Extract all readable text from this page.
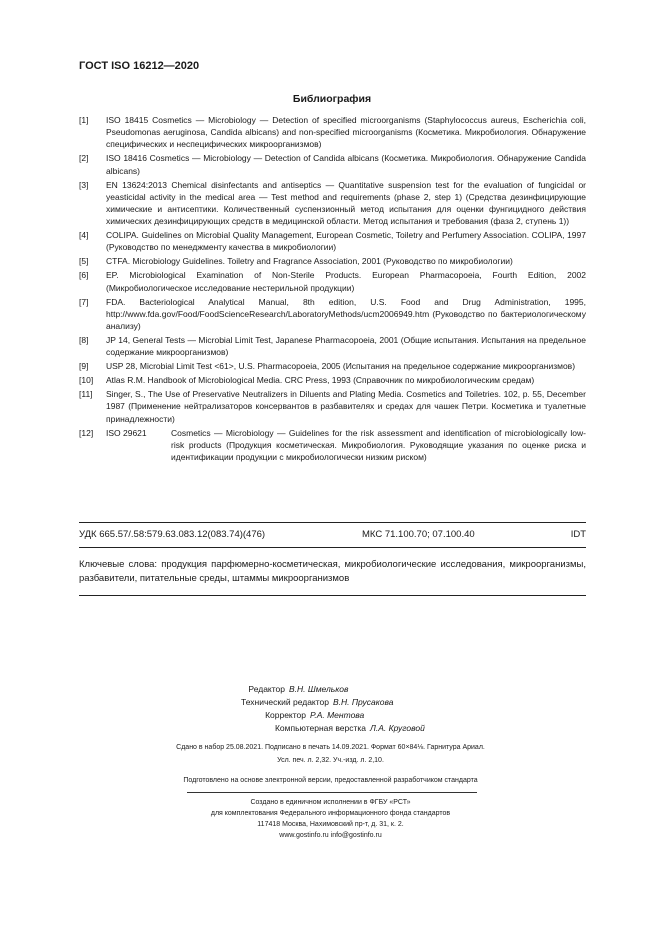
ГОСТ ISO 16212—2020
Библиография
[1]	ISO 18415 Cosmetics — Microbiology — Detection of specified microorganisms (Staphylococcus aureus, Escherichia coli, Pseudomonas aeruginosa, Candida albicans) and non-specified microorganisms (Косметика. Микробиология. Обнаружение специфических и неспецифических микроорганизмов)
[2]	ISO 18416 Cosmetics — Microbiology — Detection of Candida albicans (Косметика. Микробиология. Обнаружение Candida albicans)
[3]	EN 13624:2013 Chemical disinfectants and antiseptics — Quantitative suspension test for the evaluation of fungicidal or yeasticidal activity in the medical area — Test method and requirements (phase 2, step 1) (Средства дезинфицирующие химические и антисептики. Количественный суспензионный метод испытания для оценки фунгицидного действия химических дезинфицирующих средств в медицинской области. Метод испытания и требования (фаза 2, ступень 1))
[4]	COLIPA. Guidelines on Microbial Quality Management, European Cosmetic, Toiletry and Perfumery Association. COLIPA, 1997 (Руководство по менеджменту качества в микробиологии)
[5]	CTFA. Microbiology Guidelines. Toiletry and Fragrance Association, 2001 (Руководство по микробиологии)
[6]	EP. Microbiological Examination of Non-Sterile Products. European Pharmacopoeia, Fourth Edition, 2002 (Микробиологическое исследование нестерильной продукции)
[7]	FDA. Bacteriological Analytical Manual, 8th edition, U.S. Food and Drug Administration, 1995, http://www.fda.gov/Food/FoodScienceResearch/LaboratoryMethods/ucm2006949.htm (Руководство по бактериологическому анализу)
[8]	JP 14, General Tests — Microbial Limit Test, Japanese Pharmacopoeia, 2001 (Общие испытания. Испытания на предельное содержание микроорганизмов)
[9]	USP 28, Microbial Limit Test <61>, U.S. Pharmacopoeia, 2005 (Испытания на предельное содержание микроорганизмов)
[10]	Atlas R.M. Handbook of Microbiological Media. CRC Press, 1993 (Справочник по микробиологическим средам)
[11]	Singer, S., The Use of Preservative Neutralizers in Diluents and Plating Media. Cosmetics and Toiletries. 102, p. 55, December 1987 (Применение нейтрализаторов консервантов в разбавителях и средах для чашек Петри. Косметика и туалетные принадлежности)
[12]	ISO 29621	Cosmetics — Microbiology — Guidelines for the risk assessment and identification of microbiologically low-risk products (Продукция косметическая. Микробиология. Руководящие указания по оценке риска и идентификации продукции с микробиологически низким риском)
УДК 665.57/.58:579.63.083.12(083.74)(476)	МКС 71.100.70; 07.100.40	IDT
Ключевые слова: продукция парфюмерно-косметическая, микробиологические исследования, микроорганизмы, разбавители, питательные среды, штаммы микроорганизмов
Редактор В.Н. Шмельков
Технический редактор В.Н. Прусакова
Корректор Р.А. Ментова
Компьютерная верстка Л.А. Круговой
Сдано в набор 25.08.2021. Подписано в печать 14.09.2021. Формат 60×84⅛. Гарнитура Ариал.
Усл. печ. л. 2,32. Уч.-изд. л. 2,10.
Подготовлено на основе электронной версии, предоставленной разработчиком стандарта
Создано в единичном исполнении в ФГБУ «РСТ»
для комплектования Федерального информационного фонда стандартов
117418 Москва, Нахимовский пр-т, д. 31, к. 2.
www.gostinfo.ru info@gostinfo.ru
